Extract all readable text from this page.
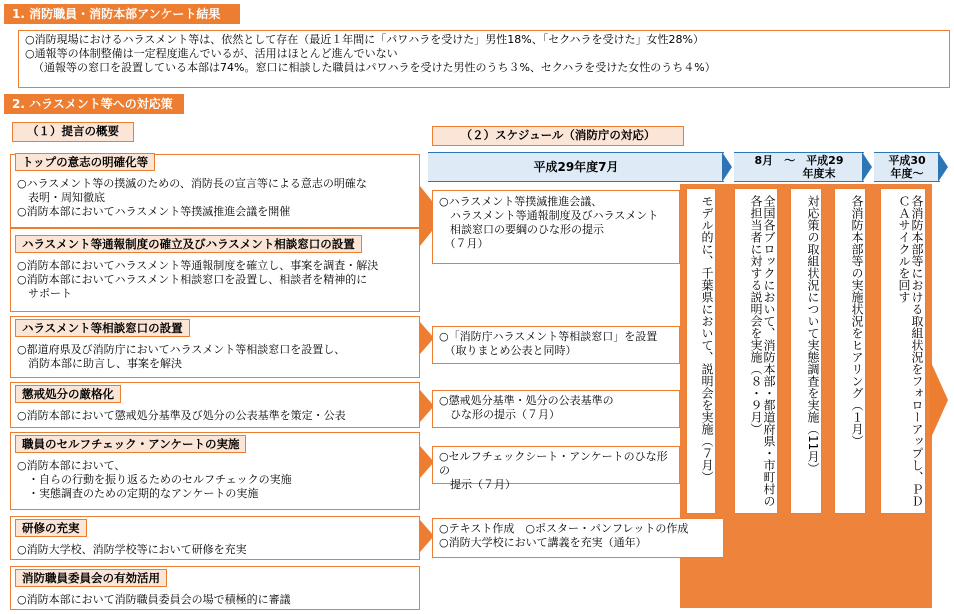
1. 消防職員・消防本部アンケート結果
○消防現場におけるハラスメント等は、依然として存在（最近１年間に「パワハラを受けた」男性18%、「セクハラを受けた」女性28%）
○通報等の体制整備は一定程度進んでいるが、活用はほとんど進んでいない
（通報等の窓口を設置している本部は74%。窓口に相談した職員はパワハラを受けた男性のうち３%、セクハラを受けた女性のうち４%）
2. ハラスメント等への対応策
（１）提言の概要	（２）スケジュール（消防庁の対応）
トップの意志の明確化等
○ハラスメント等の撲滅のための、消防長の宣言等による意志の明確な
　表明・周知徹底
○消防本部においてハラスメント等撲滅推進会議を開催
ハラスメント等通報制度の確立及びハラスメント相談窓口の設置
○消防本部においてハラスメント等通報制度を確立し、事案を調査・解決
○消防本部においてハラスメント相談窓口を設置し、相談者を精神的に
　サポート
ハラスメント等相談窓口の設置
○都道府県及び消防庁においてハラスメント等相談窓口を設置し、
　消防本部に助言し、事案を解決
懲戒処分の厳格化
○消防本部において懲戒処分基準及び処分の公表基準を策定・公表
職員のセルフチェック・アンケートの実施
○消防本部において、
　・自らの行動を振り返るためのセルフチェックの実施
　・実態調査のための定期的なアンケートの実施
研修の充実
○消防大学校、消防学校等において研修を充実
消防職員委員会の有効活用
○消防本部において消防職員委員会の場で積極的に審議
平成29年度7月	8月　～　平成29
年度末
平成30
年度～
○ハラスメント等撲滅推進会議、
　ハラスメント等通報制度及びハラスメント
　相談窓口の要綱のひな形の提示
　（７月）
○「消防庁ハラスメント等相談窓口」を設置
　（取りまとめ公表と同時）
○懲戒処分基準・処分の公表基準の
　ひな形の提示（７月）
○セルフチェックシート・アンケートのひな形の
　提示（７月）
○テキスト作成　○ポスター・パンフレットの作成
○消防大学校において講義を充実（通年）
モデル的に、千葉県において、説明会を実施（７月）	全国各ブロックにおいて、消防本部・都道府県・市町村の各担当者に対する説明会を実施（８・９月）	対応策の取組状況について実態調査を実施（11月）	各消防本部等の実施状況をヒアリング（１月）	各消防本部等における取組状況をフォローアップし、ＰＤＣＡサイクルを回す
